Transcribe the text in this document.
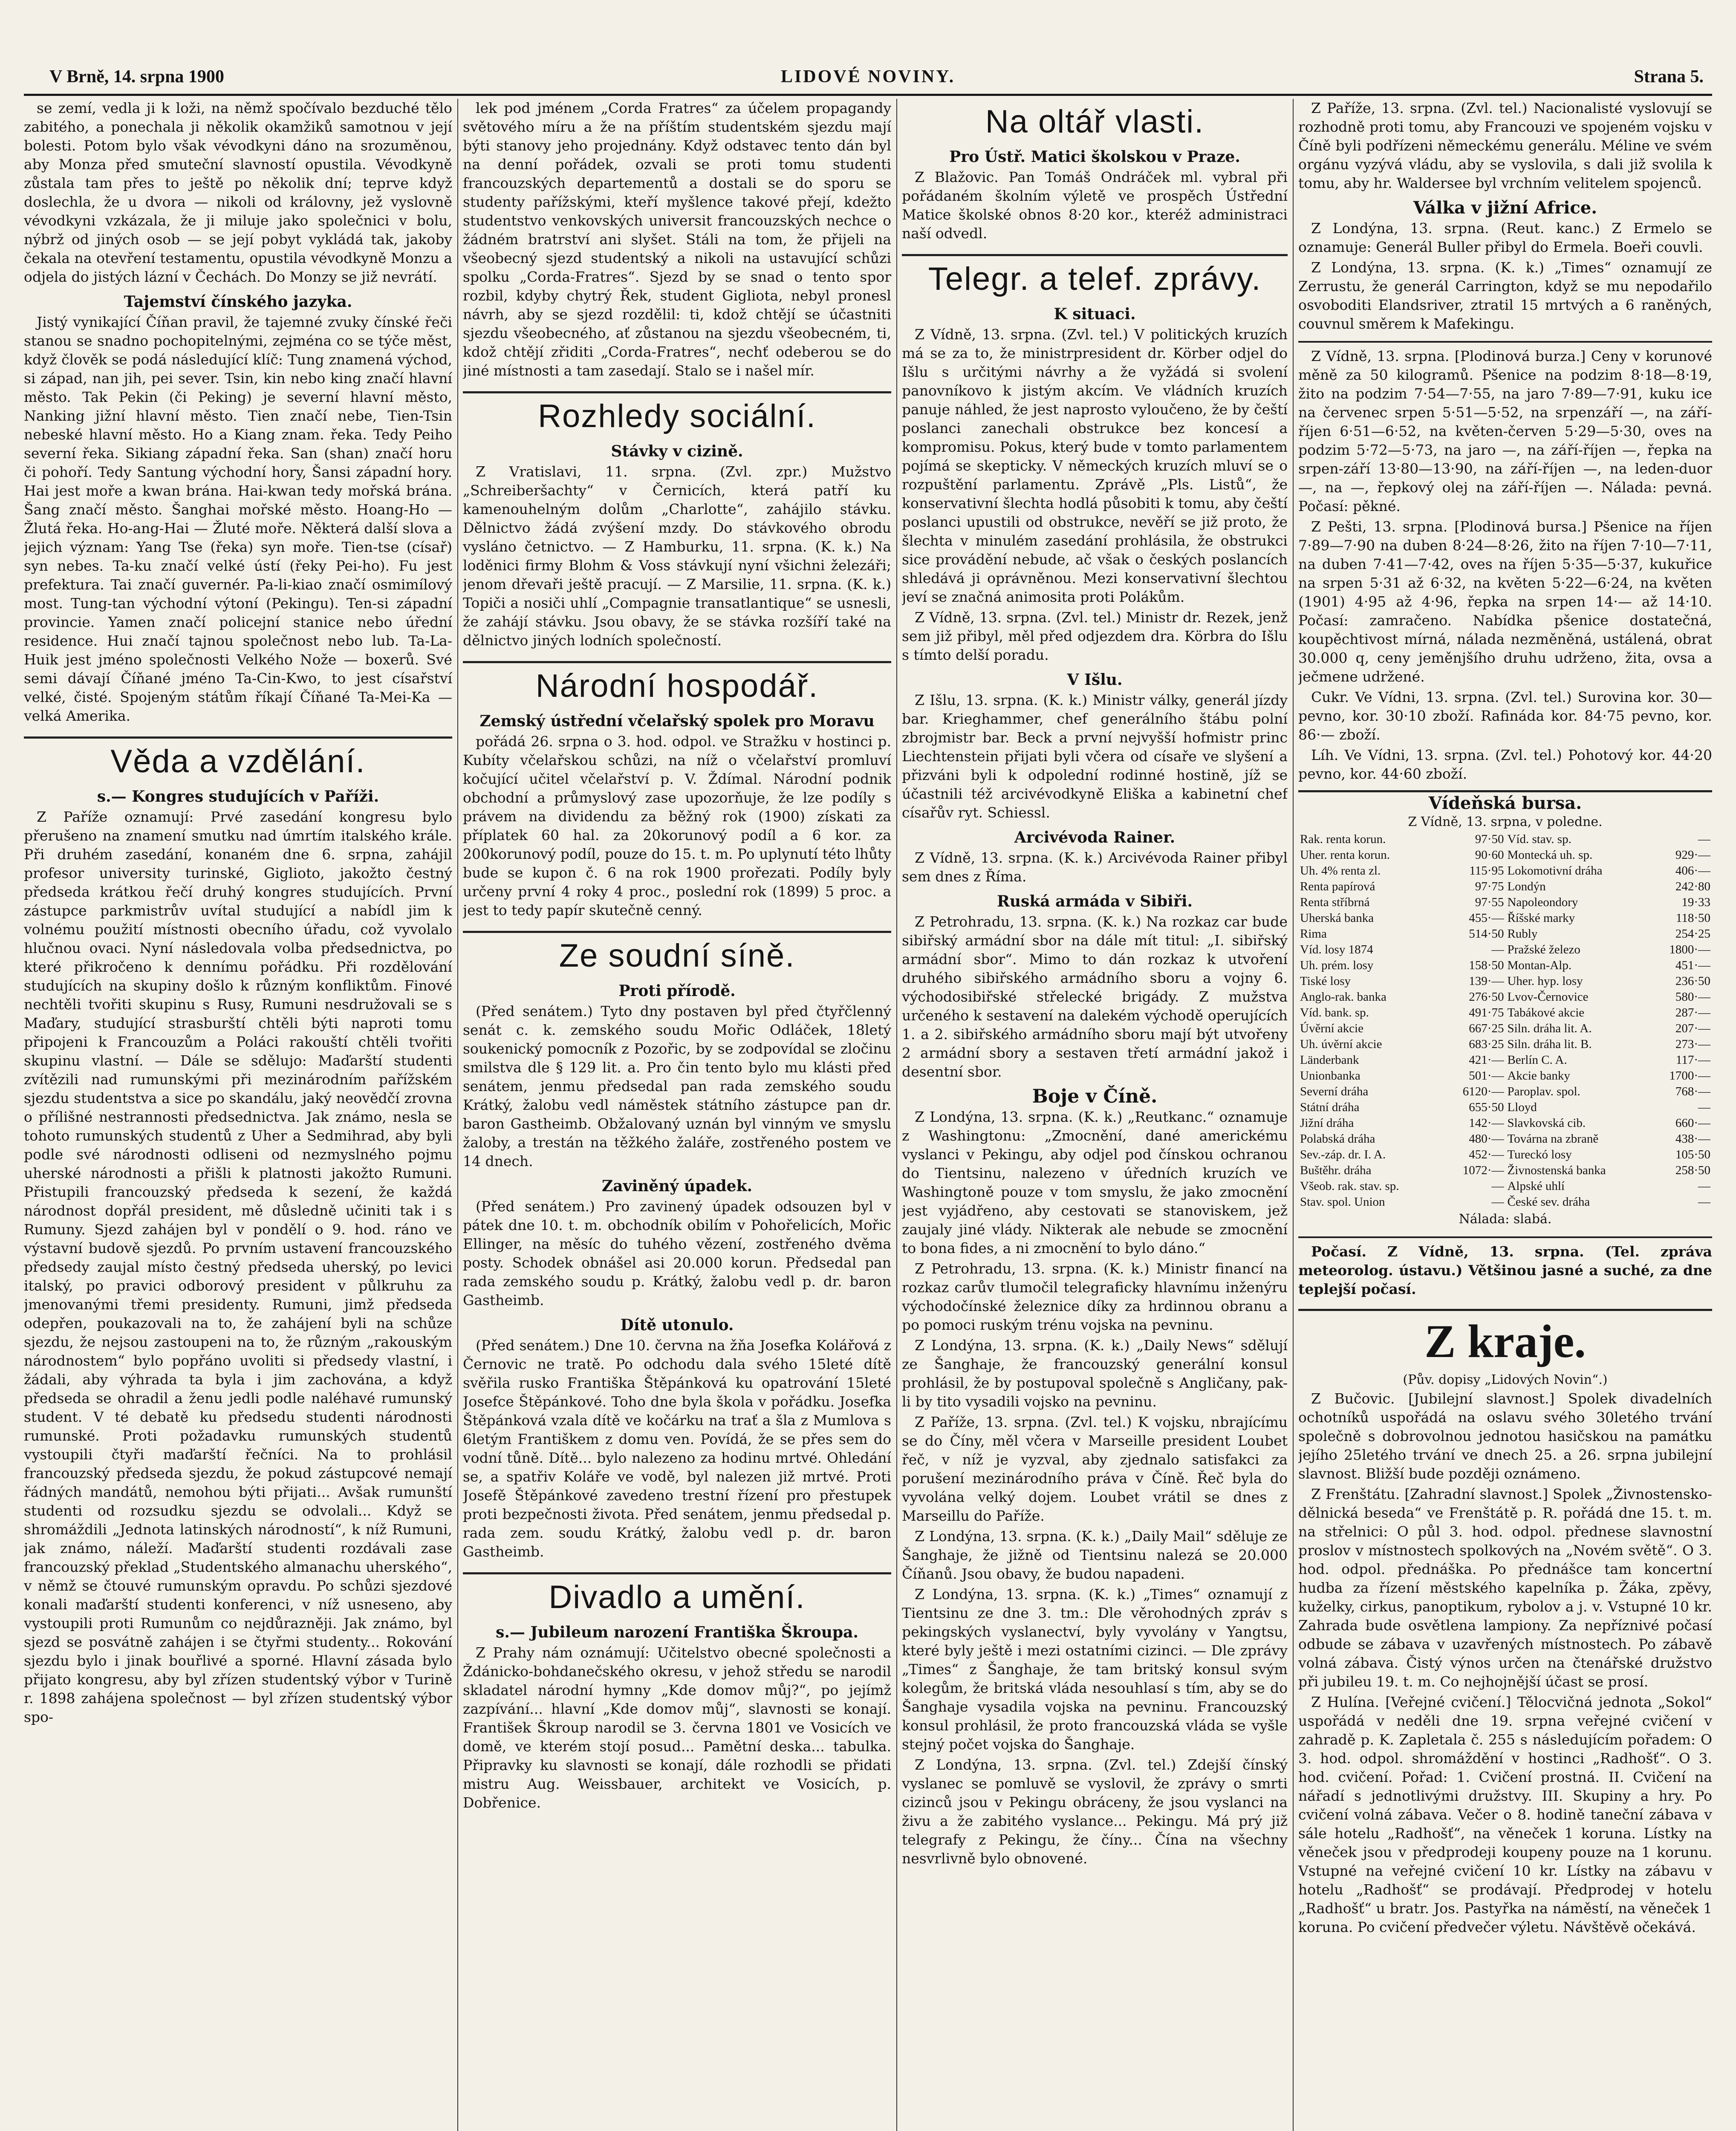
V Brně, 14. srpna 1900	LIDOVÉ NOVINY.	Strana 5.

se zemí, vedla ji k loži, na němž spočívalo bezduché tělo zabitého, a ponechala ji několik okamžiků samotnou v její bolesti. Potom bylo však vévodkyni dáno na srozuměnou, aby Monza před smuteční slavností opustila. Vévodkyně zůstala tam přes to ještě po několik dní; teprve když doslechla, že u dvora — nikoli od královny, jež vyslovně vévodkyni vzkázala, že ji miluje jako společnici v bolu, nýbrž od jiných osob — se její pobyt vykládá tak, jakoby čekala na otevření testamentu, opustila vévodkyně Monzu a odjela do jistých lázní v Čechách. Do Monzy se již nevrátí.

Tajemství čínského jazyka.

Jistý vynikající Číňan pravil, že tajemné zvuky čínské řeči stanou se snadno pochopitelnými, zejména co se týče měst, když člověk se podá následující klíč: Tung znamená východ, si západ, nan jih, pei sever. Tsin, kin nebo king značí hlavní město. Tak Pekin (či Peking) je severní hlavní město, Nanking jižní hlavní město. Tien značí nebe, Tien-Tsin nebeské hlavní město. Ho a Kiang znam. řeka. Tedy Peiho severní řeka. Sikiang západní řeka. San (shan) značí horu či pohoří. Tedy Santung východní hory, Šansi západní hory. Hai jest moře a kwan brána. Hai-kwan tedy mořská brána. Šang značí město. Šanghai mořské město. Hoang-Ho — Žlutá řeka. Ho-ang-Hai — Žluté moře. Některá další slova a jejich význam: Yang Tse (řeka) syn moře. Tien-tse (císař) syn nebes. Ta-ku značí velké ústí (řeky Pei-ho). Fu jest prefektura. Tai značí guvernér. Pa-li-kiao značí osmimílový most. Tung-tan východní výtoní (Pekingu). Ten-si západní provincie. Yamen značí policejní stanice nebo úřední residence. Hui značí tajnou společnost nebo lub. Ta-La-Huik jest jméno společnosti Velkého Nože — boxerů. Své semi dávají Číňané jméno Ta-Cin-Kwo, to jest císařství velké, čisté. Spojeným státům říkají Číňané Ta-Mei-Ka — velká Amerika.

Věda a vzdělání.
s.— Kongres studujících v Paříži.

Z Paříže oznamují: Prvé zasedání kongresu bylo přerušeno na znamení smutku nad úmrtím italského krále. Při druhém zasedání, konaném dne 6. srpna, zahájil profesor university turinské, Giglioto, jakožto čestný předseda krátkou řečí druhý kongres studujících. První zástupce parkmistrův uvítal studující a nabídl jim k volnému použití místnosti obecního úřadu, což vyvolalo hlučnou ovaci. Nyní následovala volba předsednictva, po které přikročeno k dennímu pořádku. Při rozdělování studujících na skupiny došlo k různým konfliktům. Finové nechtěli tvořiti skupinu s Rusy, Rumuni nesdružovali se s Maďary, studující strasburští chtěli býti naproti tomu připojeni k Francouzům a Poláci rakouští chtěli tvořiti skupinu vlastní. — Dále se sdělujo: Maďarští studenti zvítězili nad rumunskými při mezinárodním pařížském sjezdu studentstva a sice po skandálu, jaký neovědčí zrovna o přílišné nestrannosti předsednictva. Jak známo, nesla se tohoto rumunských studentů z Uher a Sedmihrad, aby byli podle své národnosti odliseni od nezmyslného pojmu uherské národnosti a přišli k platnosti jakožto Rumuni. Přistupili francouzský předseda k sezení, že každá národnost dopřál president, mě důsledně učiniti tak i s Rumuny. Sjezd zahájen byl v pondělí o 9. hod. ráno ve výstavní budově sjezdů. Po prvním ustavení francouzského předsedy zaujal místo čestný předseda uherský, po levici italský, po pravici odborový president v půlkruhu za jmenovanými třemi presidenty. Rumuni, jimž předseda odepřen, poukazovali na to, že zahájení byli na schůze sjezdu, že nejsou zastoupeni na to, že různým „rakouským národnostem“ bylo popřáno uvoliti si předsedy vlastní, i žádali, aby výhrada ta byla i jim zachována, a když předseda se ohradil a ženu jedli podle naléhavé rumunský student. V té debatě ku předsedu studenti národnosti rumunské. Proti požadavku rumunských studentů vystoupili čtyři maďarští řečníci. Na to prohlásil francouzský předseda sjezdu, že pokud zástupcové nemají řádných mandátů, nemohou býti přijati... Avšak rumunští studenti od rozsudku sjezdu se odvolali... Když se shromáždili „Jednota latinských národností“, k níž Rumuni, jak známo, náleží. Maďarští studenti rozdávali zase francouzský překlad „Studentského almanachu uherského“, v němž se čtouvé rumunským opravdu. Po schůzi sjezdové konali maďarští studenti konferenci, v níž usneseno, aby vystoupili proti Rumunům co nejdůrazněji. Jak známo, byl sjezd se posvátně zahájen i se čtyřmi studenty... Rokování sjezdu bylo i jinak bouřlivé a sporné. Hlavní zásada bylo přijato kongresu, aby byl zřízen studentský výbor v Turině r. 1898 zahájena společnost — byl zřízen studentský výbor spo-

lek pod jménem „Corda Fratres“ za účelem propagandy světového míru a že na příštím studentském sjezdu mají býti stanovy jeho projednány. Když odstavec tento dán byl na denní pořádek, ozvali se proti tomu studenti francouzských departementů a dostali se do sporu se studenty pařížskými, kteří myšlence takové přejí, kdežto studentstvo venkovských universit francouzských nechce o žádném bratrství ani slyšet. Stáli na tom, že přijeli na všeobecný sjezd studentský a nikoli na ustavující schůzi spolku „Corda-Fratres“. Sjezd by se snad o tento spor rozbil, kdyby chytrý Řek, student Gigliota, nebyl pronesl návrh, aby se sjezd rozdělil: ti, kdož chtějí se účastniti sjezdu všeobecného, ať zůstanou na sjezdu všeobecném, ti, kdož chtějí zřiditi „Corda-Fratres“, nechť odeberou se do jiné místnosti a tam zasedají. Stalo se i našel mír.

Rozhledy sociální.
Stávky v cizině.

Z Vratislavi, 11. srpna. (Zvl. zpr.) Mužstvo „Schreiberšachty“ v Černicích, která patří ku kamenouhelným dolům „Charlotte“, zahájilo stávku. Dělnictvo žádá zvýšení mzdy. Do stávkového obrodu vysláno četnictvo. — Z Hamburku, 11. srpna. (K. k.) Na loděnici firmy Blohm & Voss stávkují nyní všichni železáři; jenom dřevaři ještě pracují. — Z Marsilie, 11. srpna. (K. k.) Topiči a nosiči uhlí „Compagnie transatlantique“ se usnesli, že zahájí stávku. Jsou obavy, že se stávka rozšíří také na dělnictvo jiných lodních společností.

Národní hospodář.
Zemský ústřední včelařský spolek pro Moravu

pořádá 26. srpna o 3. hod. odpol. ve Stražku v hostinci p. Kubíty včelařskou schůzi, na níž o včelařství promluví kočující učitel včelařství p. V. Ždímal. Národní podnik obchodní a průmyslový zase upozorňuje, že lze podíly s právem na dividendu za běžný rok (1900) získati za příplatek 60 hal. za 20korunový podíl a 6 kor. za 200korunový podíl, pouze do 15. t. m. Po uplynutí této lhůty bude se kupon č. 6 na rok 1900 prořezati. Podíly byly určeny první 4 roky 4 proc., poslední rok (1899) 5 proc. a jest to tedy papír skutečně cenný.

Ze soudní síně.
Proti přírodě.

(Před senátem.) Tyto dny postaven byl před čtyřčlenný senát c. k. zemského soudu Mořic Odláček, 18letý soukenický pomocník z Pozořic, by se zodpovídal se zločinu smilstva dle § 129 lit. a. Pro čin tento bylo mu klásti před senátem, jenmu předsedal pan rada zemského soudu Krátký, žalobu vedl náměstek státního zástupce pan dr. baron Gastheimb. Obžalovaný uznán byl vinným ve smyslu žaloby, a trestán na těžkého žaláře, zostřeného postem ve 14 dnech.

Zaviněný úpadek.

(Před senátem.) Pro zavinený úpadek odsouzen byl v pátek dne 10. t. m. obchodník obilím v Pohořelicích, Mořic Ellinger, na měsíc do tuhého vězení, zostřeného dvěma posty. Schodek obnášel asi 20.000 korun. Předsedal pan rada zemského soudu p. Krátký, žalobu vedl p. dr. baron Gastheimb.

Dítě utonulo.

(Před senátem.) Dne 10. června na žňa Josefka Kolářová z Černovic ne tratě. Po odchodu dala svého 15leté dítě svěřila rusko Františka Štěpánková ku opatrování 15leté Josefce Štěpánkové. Toho dne byla škola v pořádku. Josefka Štěpánková vzala dítě ve kočárku na trať a šla z Mumlova s 6letým Františkem z domu ven. Povídá, že se přes sem do vodní tůně. Dítě... bylo nalezeno za hodinu mrtvé. Ohledání se, a spatřiv Koláře ve vodě, byl nalezen již mrtvé. Proti Josefě Štěpánkové zavedeno trestní řízení pro přestupek proti bezpečnosti života. Před senátem, jenmu předsedal p. rada zem. soudu Krátký, žalobu vedl p. dr. baron Gastheimb.

Divadlo a umění.
s.— Jubileum narození Františka Škroupa.

Z Prahy nám oznámují: Učitelstvo obecné společnosti a Ždánicko-bohdanečského okresu, v jehož středu se narodil skladatel národní hymny „Kde domov můj?“, po jejímž zazpívání... hlavní „Kde domov můj“, slavnosti se konají. František Škroup narodil se 3. června 1801 ve Vosicích ve domě, ve kterém stojí posud... Pamětní deska... tabulka. Připravky ku slavnosti se konají, dále rozhodli se přidati mistru Aug. Weissbauer, architekt ve Vosicích, p. Dobřenice.

Na oltář vlasti.
Pro Ústř. Matici školskou v Praze.

Z Blažovic. Pan Tomáš Ondráček ml. vybral při pořádaném školním výletě ve prospěch Ústřední Matice školské obnos 8·20 kor., kteréž administraci naší odvedl.

Telegr. a telef. zprávy.
K situaci.

Z Vídně, 13. srpna. (Zvl. tel.) V politických kruzích má se za to, že ministrpresident dr. Körber odjel do Išlu s určitými návrhy a že vyžádá si svolení panovníkovo k jistým akcím. Ve vládních kruzích panuje náhled, že jest naprosto vyloučeno, že by čeští poslanci zanechali obstrukce bez koncesí a kompromisu. Pokus, který bude v tomto parlamentem pojímá se skepticky. V německých kruzích mluví se o rozpuštění parlamentu. Zprávě „Pls. Listů“, že konservativní šlechta hodlá působiti k tomu, aby čeští poslanci upustili od obstrukce, nevěří se již proto, že šlechta v minulém zasedání prohlásila, že obstrukci sice provádění nebude, ač však o českých poslancích shledává ji oprávněnou. Mezi konservativní šlechtou jeví se značná animosita proti Polákům.

Z Vídně, 13. srpna. (Zvl. tel.) Ministr dr. Rezek, jenž sem již přibyl, měl před odjezdem dra. Körbra do Išlu s tímto delší poradu.

V Išlu.

Z Išlu, 13. srpna. (K. k.) Ministr války, generál jízdy bar. Krieghammer, chef generálního štábu polní zbrojmistr bar. Beck a první nejvyšší hofmistr princ Liechtenstein přijati byli včera od císaře ve slyšení a přizváni byli k odpolední rodinné hostině, jíž se účastnili též arcivévodkyně Eliška a kabinetní chef císařův ryt. Schiessl.

Arcivévoda Rainer.

Z Vídně, 13. srpna. (K. k.) Arcivévoda Rainer přibyl sem dnes z Říma.

Ruská armáda v Sibiři.

Z Petrohradu, 13. srpna. (K. k.) Na rozkaz car bude sibiřský armádní sbor na dále mít titul: „I. sibiřský armádní sbor“. Mimo to dán rozkaz k utvoření druhého sibiřského armádního sboru a vojny 6. východosibiřské střelecké brigády. Z mužstva určeného k sestavení na dalekém východě operujících 1. a 2. sibiřského armádního sboru mají být utvořeny 2 armádní sbory a sestaven třetí armádní jakož i desentní sbor.

Boje v Číně.

Z Londýna, 13. srpna. (K. k.) „Reutkanc.“ oznamuje z Washingtonu: „Zmocnění, dané americkému vyslanci v Pekingu, aby odjel pod čínskou ochranou do Tientsinu, nalezeno v úředních kruzích ve Washingtoně pouze v tom smyslu, že jako zmocnění jest vyjádřeno, aby cestovati se stanoviskem, jež zaujaly jiné vlády. Nikterak ale nebude se zmocnění to bona fides, a ni zmocnění to bylo dáno.“

Z Petrohradu, 13. srpna. (K. k.) Ministr financí na rozkaz carův tlumočil telegraficky hlavnímu inženýru východočínské železnice díky za hrdinnou obranu a po pomoci ruským trénu vojska na pevninu.

Z Londýna, 13. srpna. (K. k.) „Daily News“ sdělují ze Šanghaje, že francouzský generální konsul prohlásil, že by postupoval společně s Angličany, pak-li by tito vysadili vojsko na pevninu.

Z Paříže, 13. srpna. (Zvl. tel.) K vojsku, nbrajícímu se do Číny, měl včera v Marseille president Loubet řeč, v níž je vyzval, aby zjednalo satisfakci za porušení mezinárodního práva v Číně. Řeč byla do vyvolána velký dojem. Loubet vrátil se dnes z Marseillu do Paříže.

Z Londýna, 13. srpna. (K. k.) „Daily Mail“ sděluje ze Šanghaje, že jižně od Tientsinu nalezá se 20.000 Číňanů. Jsou obavy, že budou napadeni.

Z Londýna, 13. srpna. (K. k.) „Times“ oznamují z Tientsinu ze dne 3. tm.: Dle věrohodných zpráv s pekingských vyslanectví, byly vyvolány v Yangtsu, které byly ještě i mezi ostatními cizinci. — Dle zprávy „Times“ z Šanghaje, že tam britský konsul svým kolegům, že britská vláda nesouhlasí s tím, aby se do Šanghaje vysadila vojska na pevninu. Francouzský konsul prohlásil, že proto francouzská vláda se vyšle stejný počet vojska do Šanghaje.

Z Londýna, 13. srpna. (Zvl. tel.) Zdejší čínský vyslanec se pomluvě se vyslovil, že zprávy o smrti cizinců jsou v Pekingu obráceny, že jsou vyslanci na živu a že zabitého vyslance... Pekingu. Má prý již telegrafy z Pekingu, že číny... Čína na všechny nesvrlivně bylo obnovené.

Z Paříže, 13. srpna. (Zvl. tel.) Nacionalisté vyslovují se rozhodně proti tomu, aby Francouzi ve spojeném vojsku v Číně byli podřízeni německému generálu. Méline ve svém orgánu vyzývá vládu, aby se vyslovila, s dali již svolila k tomu, aby hr. Waldersee byl vrchním velitelem spojenců.

Válka v jižní Africe.

Z Londýna, 13. srpna. (Reut. kanc.) Z Ermelo se oznamuje: Generál Buller přibyl do Ermela. Boeři couvli.

Z Londýna, 13. srpna. (K. k.) „Times“ oznamují ze Zerrustu, že generál Carrington, když se mu nepodařilo osvoboditi Elandsriver, ztratil 15 mrtvých a 6 raněných, couvnul směrem k Mafekingu.

Z Vídně, 13. srpna. [Plodinová burza.] Ceny v korunové měně za 50 kilogramů. Pšenice na podzim 8·18—8·19, žito na podzim 7·54—7·55, na jaro 7·89—7·91, kuku ice na červenec srpen 5·51—5·52, na srpenzáří —, na září-říjen 6·51—6·52, na květen-červen 5·29—5·30, oves na podzim 5·72—5·73, na jaro —, na září-říjen —, řepka na srpen-září 13·80—13·90, na září-říjen —, na leden-duor —, na —, řepkový olej na září-říjen —. Nálada: pevná. Počasí: pěkné.

Z Pešti, 13. srpna. [Plodinová bursa.] Pšenice na říjen 7·89—7·90 na duben 8·24—8·26, žito na říjen 7·10—7·11, na duben 7·41—7·42, oves na říjen 5·35—5·37, kukuřice na srpen 5·31 až 6·32, na květen 5·22—6·24, na květen (1901) 4·95 až 4·96, řepka na srpen 14·— až 14·10. Počasí: zamračeno. Nabídka pšenice dostatečná, koupěchtivost mírná, nálada nezměněná, ustálená, obrat 30.000 q, ceny jeměnjšího druhu udrženo, žita, ovsa a ječmene udržené.

Cukr. Ve Vídni, 13. srpna. (Zvl. tel.) Surovina kor. 30— pevno, kor. 30·10 zboží. Rafináda kor. 84·75 pevno, kor. 86·— zboží.

Líh. Ve Vídni, 13. srpna. (Zvl. tel.) Pohotový kor. 44·20 pevno, kor. 44·60 zboží.

Vídeňská bursa.
Z Vídně, 13. srpna, v poledne.
Rak. renta korun.	97·50	Víd. stav. sp.	—
Uher. renta korun.	90·60	Montecká uh. sp.	929·—
Uh. 4% renta zl.	115·95	Lokomotivní dráha	406·—
Renta papírová	97·75	Londýn	242·80
Renta stříbrná	97·55	Napoleondory	19·33
Uherská banka	455·—	Říšské marky	118·50
Rima	514·50	Rubly	254·25
Víd. losy 1874	—	Pražské železo	1800·—
Uh. prém. losy	158·50	Montan-Alp.	451·—
Tiské losy	139·—	Uher. hyp. losy	236·50
Anglo-rak. banka	276·50	Lvov-Černovice	580·—
Víd. bank. sp.	491·75	Tabákové akcie	287·—
Úvěrní akcie	667·25	Siln. dráha lit. A.	207·—
Uh. úvěrní akcie	683·25	Siln. dráha lit. B.	273·—
Länderbank	421·—	Berlín C. A.	117·—
Unionbanka	501·—	Akcie banky	1700·—
Severní dráha	6120·—	Paroplav. spol.	768·—
Státní dráha	655·50	Lloyd	—
Jižní dráha	142·—	Slavkovská cib.	660·—
Polabská dráha	480·—	Továrna na zbraně	438·—
Sev.-záp. dr. I. A.	452·—	Tureckó losy	105·50
Buštěhr. dráha	1072·—	Živnostenská banka	258·50
Všeob. rak. stav. sp.	—	Alpské uhlí	—
Stav. spol. Union	—	České sev. dráha	—
Nálada: slabá.

Počasí. Z Vídně, 13. srpna. (Tel. zpráva meteorolog. ústavu.) Většinou jasné a suché, za dne teplejší počasí.

Z kraje.
(Pův. dopisy „Lidových Novin“.)

Z Bučovic. [Jubilejní slavnost.] Spolek divadelních ochotníků uspořádá na oslavu svého 30letého trvání společně s dobrovolnou jednotou hasičskou na památku jejího 25letého trvání ve dnech 25. a 26. srpna jubilejní slavnost. Bližší bude později oznámeno.

Z Frenštátu. [Zahradní slavnost.] Spolek „Živnostensko-dělnická beseda“ ve Frenštátě p. R. pořádá dne 15. t. m. na střelnici: O půl 3. hod. odpol. přednese slavnostní proslov v místnostech spolkových na „Novém světě“. O 3. hod. odpol. přednáška. Po přednášce tam koncertní hudba za řízení městského kapelníka p. Žáka, zpěvy, kuželky, cirkus, panoptikum, rybolov a j. v. Vstupné 10 kr. Zahrada bude osvětlena lampiony. Za nepříznivé počasí odbude se zábava v uzavřených místnostech. Po zábavě volná zábava. Čistý výnos určen na čtenářské družstvo při jubileu 19. t. m. Co nejhojnější účast se prosí.

Z Hulína. [Veřejné cvičení.] Tělocvičná jednota „Sokol“ uspořádá v neděli dne 19. srpna veřejné cvičení v zahradě p. K. Zapletala č. 255 s následujícím pořadem: O 3. hod. odpol. shromáždění v hostinci „Radhošť“. O 3. hod. cvičení. Pořad: 1. Cvičení prostná. II. Cvičení na nářadí s jednotlivými družstvy. III. Skupiny a hry. Po cvičení volná zábava. Večer o 8. hodině taneční zábava v sále hotelu „Radhošť“, na věneček 1 koruna. Lístky na věneček jsou v předprodeji koupeny pouze na 1 korunu. Vstupné na veřejné cvičení 10 kr. Lístky na zábavu v hotelu „Radhošť“ se prodávají. Předprodej v hotelu „Radhošť“ u bratr. Jos. Pastyřka na náměstí, na věneček 1 koruna. Po cvičení předvečer výletu. Návštěvě očekává.
